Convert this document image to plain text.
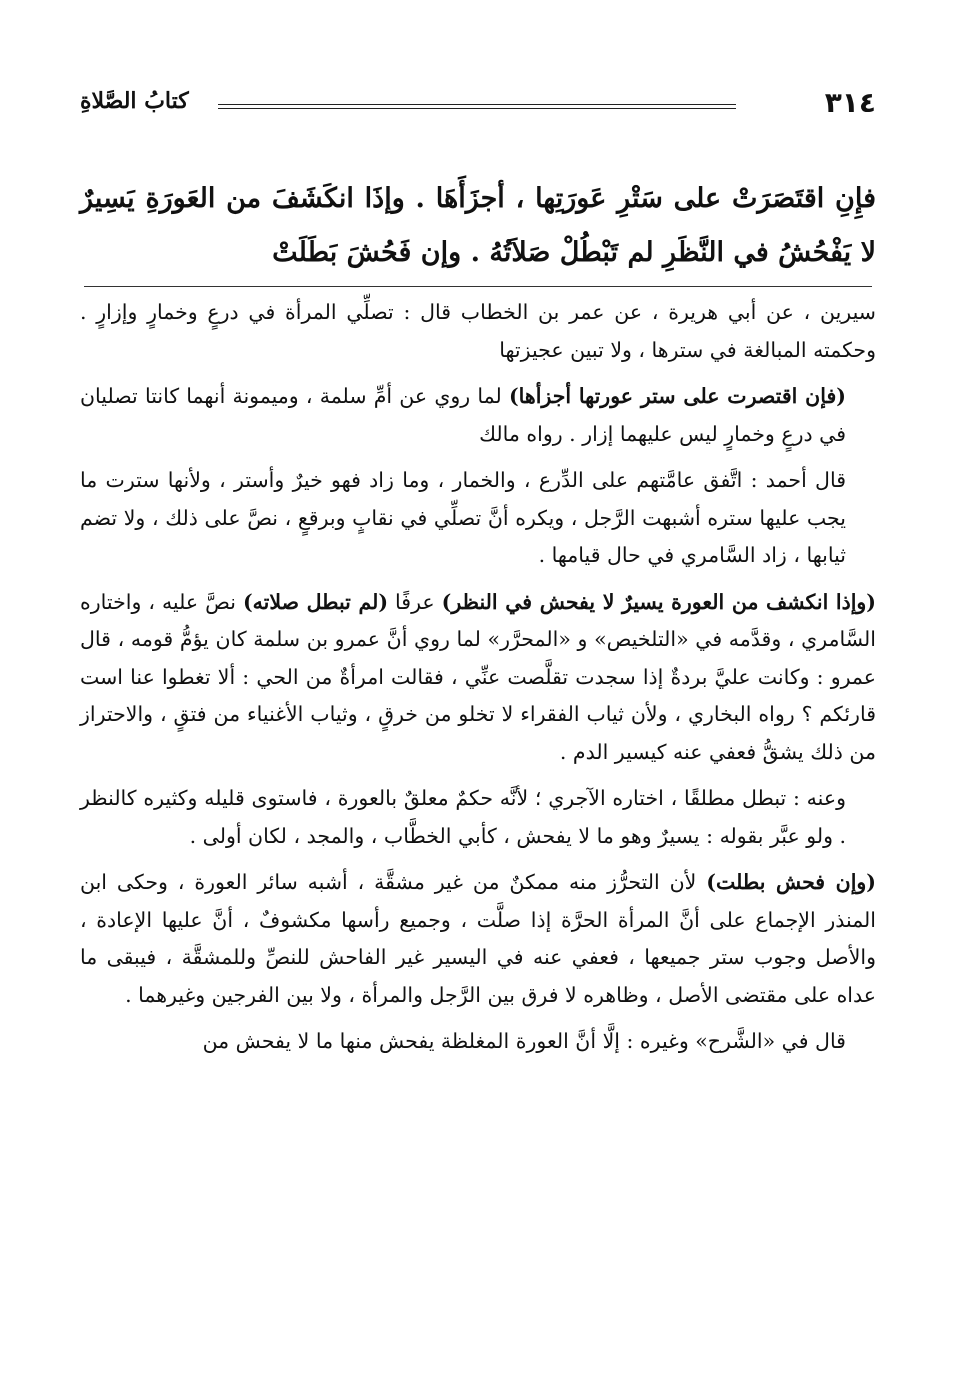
٣١٤
كتابُ الصَّلاةِ
فإِنِ اقتَصَرَتْ على سَتْرِ عَورَتِها ، أجزَأَهَا . وإذَا انكَشَفَ من العَورَةِ يَسِيرٌ لا يَفْحُشُ في النَّظَرِ لم تَبْطُلْ صَلاَتُهُ . وإن فَحُشَ بَطَلَتْ

سيرين ، عن أبي هريرة ، عن عمر بن الخطاب قال : تصلِّي المرأة في درعٍ وخمارٍ وإزارٍ . وحكمته المبالغة في سترها ، ولا تبين عجيزتها

(فإن اقتصرت على ستر عورتها أجزأها) لما روي عن أمِّ سلمة ، وميمونة أنهما كانتا تصليان في درعٍ وخمارٍ ليس عليهما إزار . رواه مالك

قال أحمد : اتَّفق عامَّتهم على الدِّرع ، والخمار ، وما زاد فهو خيرٌ وأستر ، ولأنها سترت ما يجب عليها ستره أشبهت الرَّجل ، ويكره أنَّ تصلِّي في نقابٍ وبرقعٍ ، نصَّ على ذلك ، ولا تضم ثيابها ، زاد السَّامري في حال قيامها .

(وإذا انكشف من العورة يسيرٌ لا يفحش في النظر) عرفًا (لم تبطل صلاته) نصَّ عليه ، واختاره السَّامري ، وقدَّمه في «التلخيص» و «المحرَّر» لما روي أنَّ عمرو بن سلمة كان يؤمُّ قومه ، قال عمرو : وكانت عليَّ بردةٌ إذا سجدت تقلَّصت عنِّي ، فقالت امرأةٌ من الحي : ألا تغطوا عنا است قارئكم ؟ رواه البخاري ، ولأن ثياب الفقراء لا تخلو من خرقٍ ، وثياب الأغنياء من فتقٍ ، والاحتراز من ذلك يشقُّ فعفي عنه كيسير الدم .

وعنه : تبطل مطلقًا ، اختاره الآجري ؛ لأنَّه حكمٌ معلقٌ بالعورة ، فاستوى قليله وكثيره كالنظر . ولو عبَّر بقوله : يسيرٌ وهو ما لا يفحش ، كأبي الخطَّاب ، والمجد ، لكان أولى .

(وإن فحش بطلت) لأن التحرُّز منه ممكنٌ من غير مشقَّة ، أشبه سائر العورة ، وحكى ابن المنذر الإجماع على أنَّ المرأة الحرَّة إذا صلَّت ، وجميع رأسها مكشوفٌ ، أنَّ عليها الإعادة ، والأصل وجوب ستر جميعها ، فعفي عنه في اليسير غير الفاحش للنصِّ وللمشقَّة ، فيبقى ما عداه على مقتضى الأصل ، وظاهره لا فرق بين الرَّجل والمرأة ، ولا بين الفرجين وغيرهما .

قال في «الشَّرح» وغيره : إلَّا أنَّ العورة المغلظة يفحش منها ما لا يفحش من
